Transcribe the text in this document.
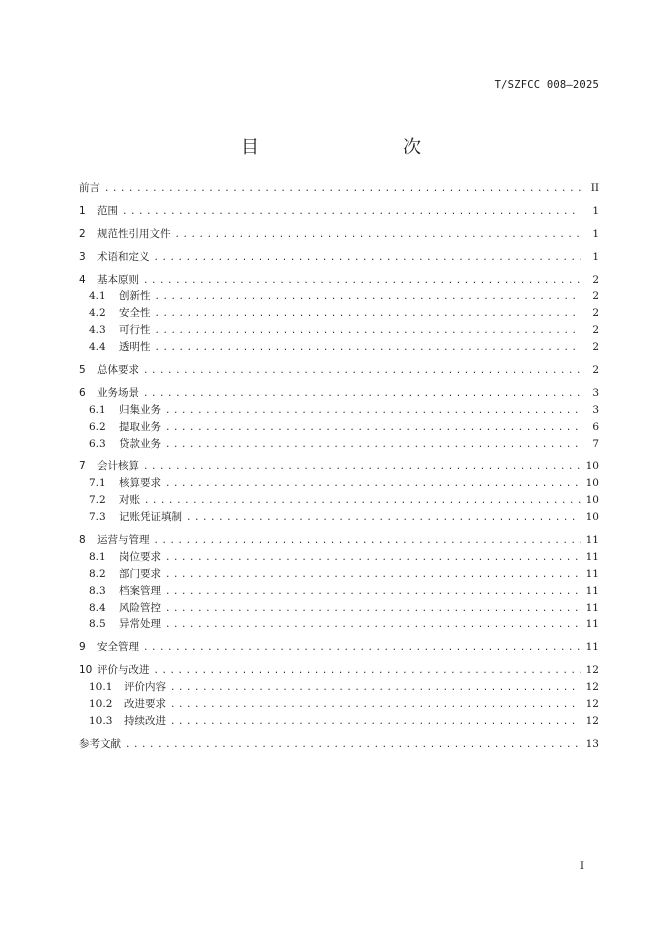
T/SZFCC 008—2025
目　　次
前言 .....	II
1	范围 .....	1
2	规范性引用文件 .....	1
3	术语和定义 .....	1
4	基本原则 .....	2
4.1	创新性 .....	2
4.2	安全性 .....	2
4.3	可行性 .....	2
4.4	透明性 .....	2
5	总体要求 .....	2
6	业务场景 .....	3
6.1	归集业务 .....	3
6.2	提取业务 .....	6
6.3	贷款业务 .....	7
7	会计核算 .....	10
7.1	核算要求 .....	10
7.2	对账 .....	10
7.3	记账凭证填制 .....	10
8	运营与管理 .....	11
8.1	岗位要求 .....	11
8.2	部门要求 .....	11
8.3	档案管理 .....	11
8.4	风险管控 .....	11
8.5	异常处理 .....	11
9	安全管理 .....	11
10 评价与改进 .....	12
10.1	评价内容 .....	12
10.2	改进要求 .....	12
10.3	持续改进 .....	12
参考文献 .....	13
I
